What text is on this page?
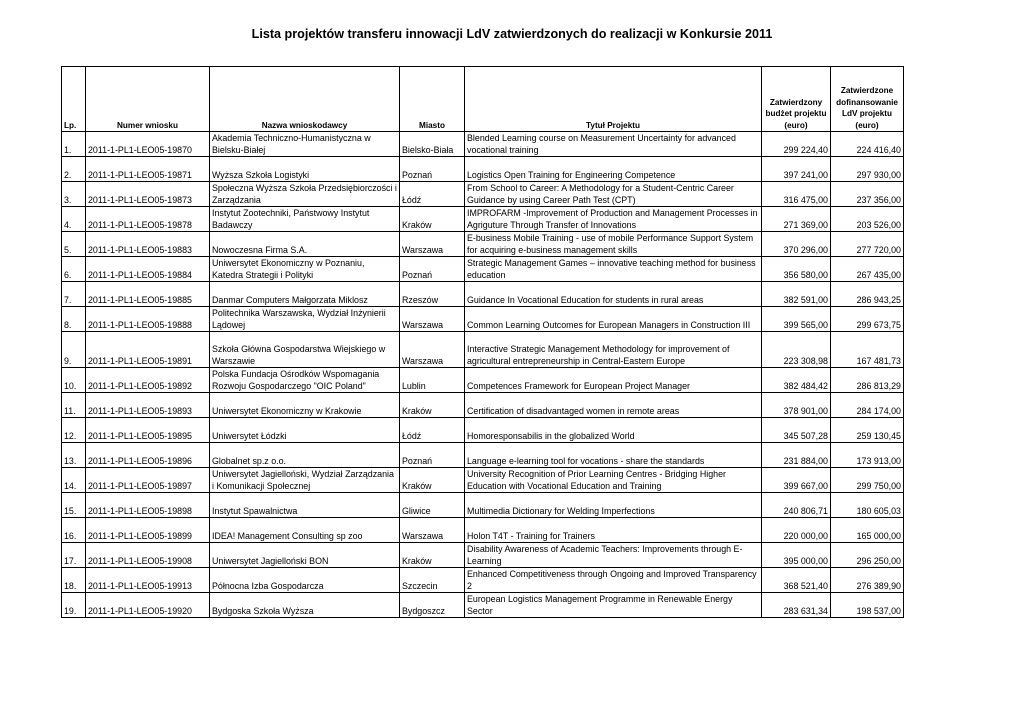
Lista projektów transferu innowacji LdV zatwierdzonych do realizacji w Konkursie 2011
Lp.	Numer wniosku	Nazwa wnioskodawcy	Miasto	Tytuł Projektu	Zatwierdzony budżet projektu (euro)	Zatwierdzone dofinansowanie LdV projektu (euro)
1.	2011-1-PL1-LEO05-19870	Akademia Techniczno-Humanistyczna w Bielsku-Białej	Bielsko-Biała	Blended Learning course on Measurement Uncertainty for advanced vocational training	299 224,40	224 416,40
2.	2011-1-PL1-LEO05-19871	Wyższa Szkoła Logistyki	Poznań	Logistics Open Training for Engineering Competence	397 241,00	297 930,00
3.	2011-1-PL1-LEO05-19873	Społeczna Wyższa Szkoła Przedsiębiorczości i Zarządzania	Łódź	From School to Career: A Methodology for a Student-Centric Career Guidance by using Career Path Test (CPT)	316 475,00	237 356,00
4.	2011-1-PL1-LEO05-19878	Instytut Zootechniki, Państwowy Instytut Badawczy	Kraków	IMPROFARM -Improvement of Production and Management Processes in Agriguture Through Transfer of Innovations	271 369,00	203 526,00
5.	2011-1-PL1-LEO05-19883	Nowoczesna Firma S.A.	Warszawa	E-business Mobile Training - use of mobile Performance Support System for acquiring e-business management skills	370 296,00	277 720,00
6.	2011-1-PL1-LEO05-19884	Uniwersytet Ekonomiczny w Poznaniu, Katedra Strategii i Polityki	Poznań	Strategic Management Games – innovative teaching method for business education	356 580,00	267 435,00
7.	2011-1-PL1-LEO05-19885	Danmar Computers Małgorzata Miklosz	Rzeszów	Guidance In Vocational Education for students in rural areas	382 591,00	286 943,25
8.	2011-1-PL1-LEO05-19888	Politechnika Warszawska, Wydział Inżynierii Lądowej	Warszawa	Common Learning Outcomes for European Managers in Construction III	399 565,00	299 673,75
9.	2011-1-PL1-LEO05-19891	Szkoła Główna Gospodarstwa Wiejskiego w Warszawie	Warszawa	Interactive Strategic Management Methodology for improvement of agricultural entrepreneurship in Central-Eastern Europe	223 308,98	167 481,73
10.	2011-1-PL1-LEO05-19892	Polska Fundacja Ośrodków Wspomagania Rozwoju Gospodarczego "OIC Poland"	Lublin	Competences Framework for European Project Manager	382 484,42	286 813,29
11.	2011-1-PL1-LEO05-19893	Uniwersytet Ekonomiczny w Krakowie	Kraków	Certification of disadvantaged women in remote areas	378 901,00	284 174,00
12.	2011-1-PL1-LEO05-19895	Uniwersytet Łódzki	Łódź	Homoresponsabilis in the globalized World	345 507,28	259 130,45
13.	2011-1-PL1-LEO05-19896	Globalnet sp.z o.o.	Poznań	Language e-learning tool for vocations - share the standards	231 884,00	173 913,00
14.	2011-1-PL1-LEO05-19897	Uniwersytet Jagielloński, Wydział Zarządzania i Komunikacji Społecznej	Kraków	University Recognition of Prior Learning Centres - Bridging Higher Education with Vocational Education and Training	399 667,00	299 750,00
15.	2011-1-PL1-LEO05-19898	Instytut Spawalnictwa	Gliwice	Multimedia Dictionary for Welding Imperfections	240 806,71	180 605,03
16.	2011-1-PL1-LEO05-19899	IDEA! Management Consulting sp zoo	Warszawa	Holon T4T - Training for Trainers	220 000,00	165 000,00
17.	2011-1-PL1-LEO05-19908	Uniwersytet Jagielloński BON	Kraków	Disability Awareness of Academic Teachers: Improvements through E-Learning	395 000,00	296 250,00
18.	2011-1-PL1-LEO05-19913	Północna Izba Gospodarcza	Szczecin	Enhanced Competitiveness through Ongoing and Improved Transparency 2	368 521,40	276 389,90
19.	2011-1-PL1-LEO05-19920	Bydgoska Szkoła Wyższa	Bydgoszcz	European Logistics Management Programme in Renewable Energy Sector	283 631,34	198 537,00
